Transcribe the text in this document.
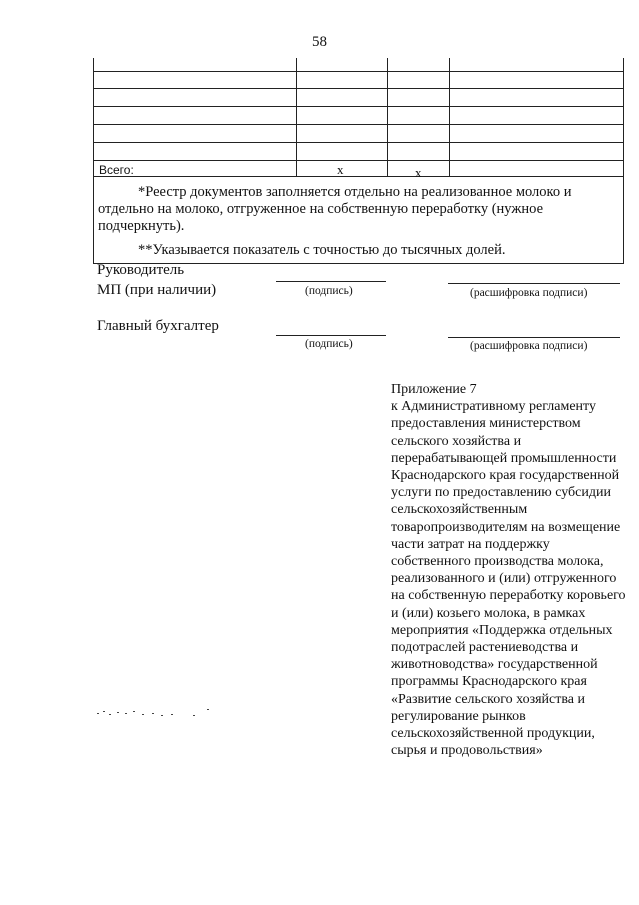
58
Всего:	х	х
*Реестр документов заполняется отдельно на реализованное молоко и отдельно на молоко, отгруженное на собственную переработку (нужное подчеркнуть).
**Указывается показатель с точностью до тысячных долей.
Руководитель
МП (при наличии)	(подпись)	(расшифровка подписи)
Главный бухгалтер
(подпись)	(расшифровка подписи)
Приложение 7
к Административному регламенту предоставления министерством сельского хозяйства и перерабатывающей промышленности Краснодарского края государственной услуги по предоставлению субсидии сельскохозяйственным товаропроизводителям на возмещение части затрат на поддержку собственного производства молока, реализованного и (или) отгруженного на собственную переработку коровьего и (или) козьего молока, в рамках мероприятия «Поддержка отдельных подотраслей растениеводства и животноводства» государственной программы Краснодарского края «Развитие сельского хозяйства и регулирование рынков сельскохозяйственной продукции, сырья и продовольствия»
